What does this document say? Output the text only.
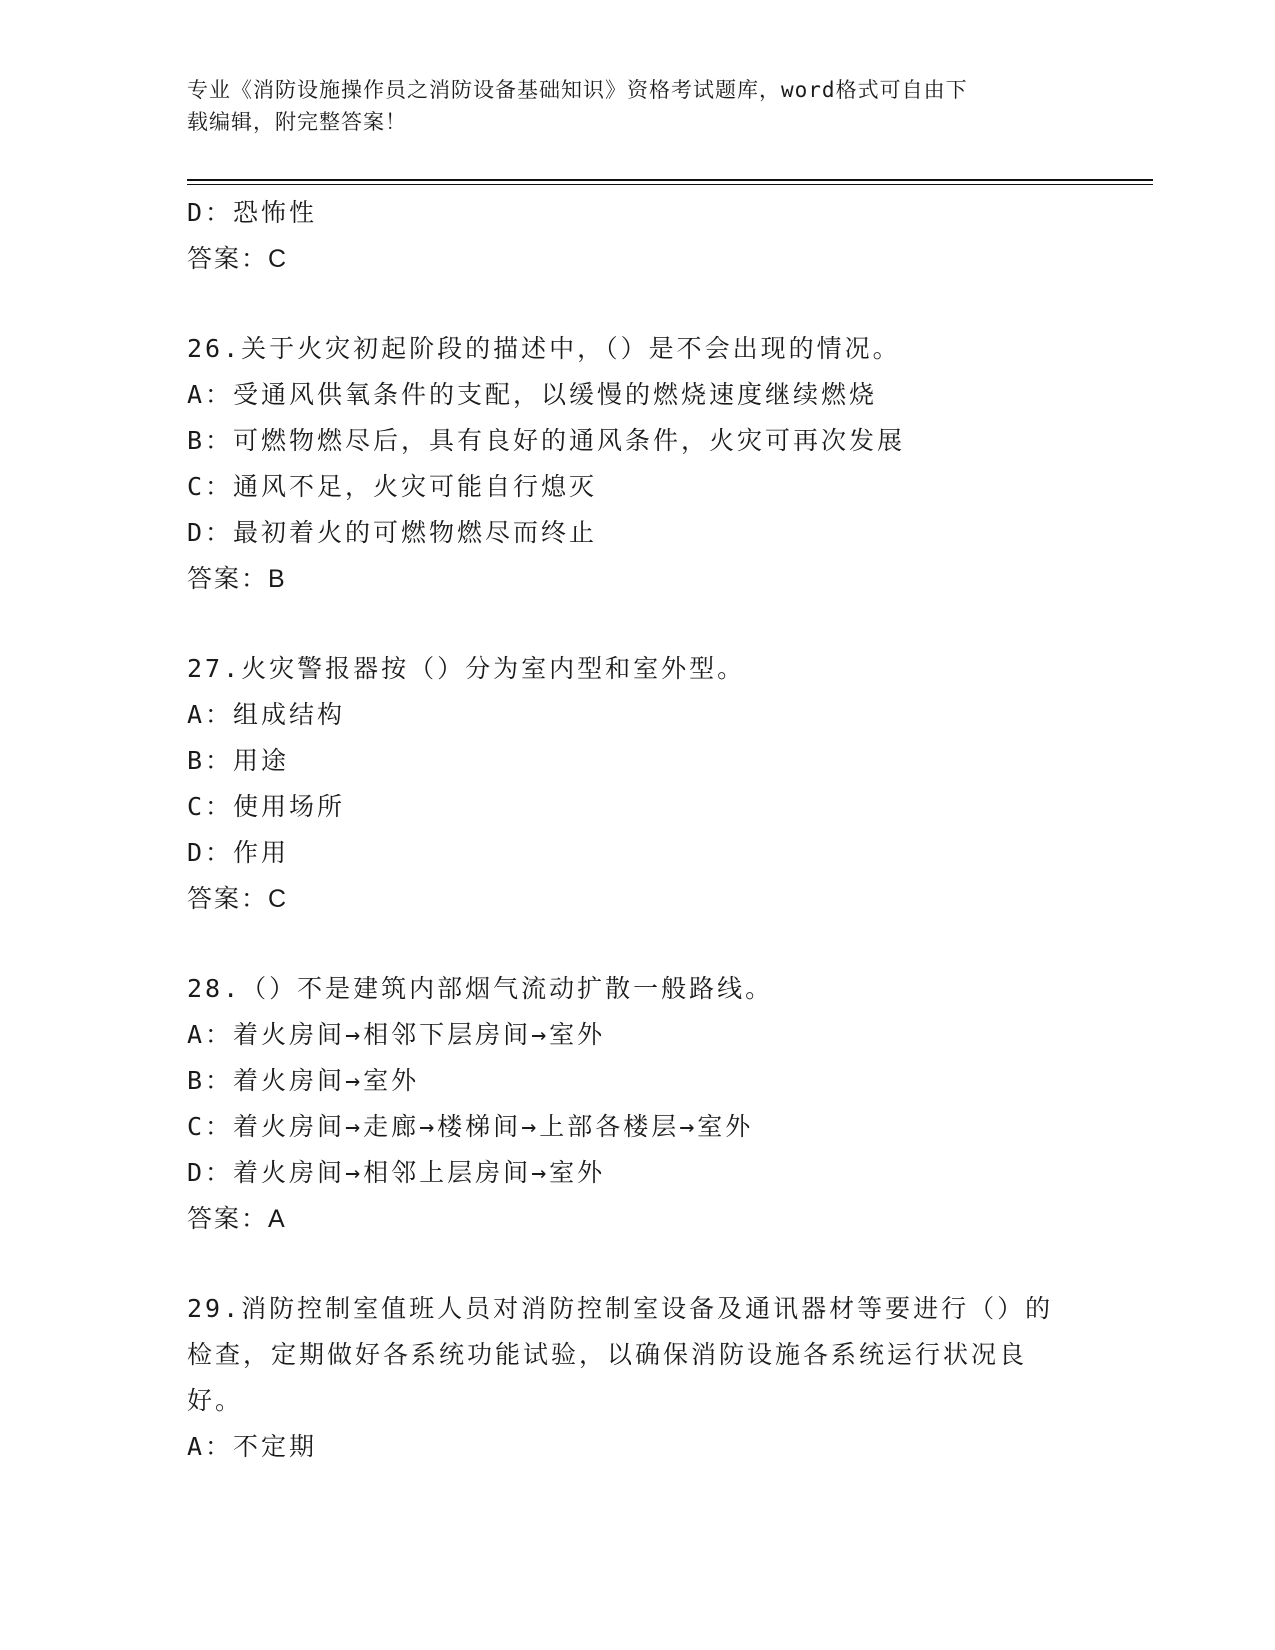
专业《消防设施操作员之消防设备基础知识》资格考试题库，word格式可自由下
载编辑，附完整答案！
D：恐怖性
答案：C
26.关于火灾初起阶段的描述中，（）是不会出现的情况。
A：受通风供氧条件的支配，以缓慢的燃烧速度继续燃烧
B：可燃物燃尽后，具有良好的通风条件，火灾可再次发展
C：通风不足，火灾可能自行熄灭
D：最初着火的可燃物燃尽而终止
答案：B
27.火灾警报器按（）分为室内型和室外型。
A：组成结构
B：用途
C：使用场所
D：作用
答案：C
28.（）不是建筑内部烟气流动扩散一般路线。
A：着火房间→相邻下层房间→室外
B：着火房间→室外
C：着火房间→走廊→楼梯间→上部各楼层→室外
D：着火房间→相邻上层房间→室外
答案：A
29.消防控制室值班人员对消防控制室设备及通讯器材等要进行（）的
检查，定期做好各系统功能试验，以确保消防设施各系统运行状况良
好。
A：不定期
